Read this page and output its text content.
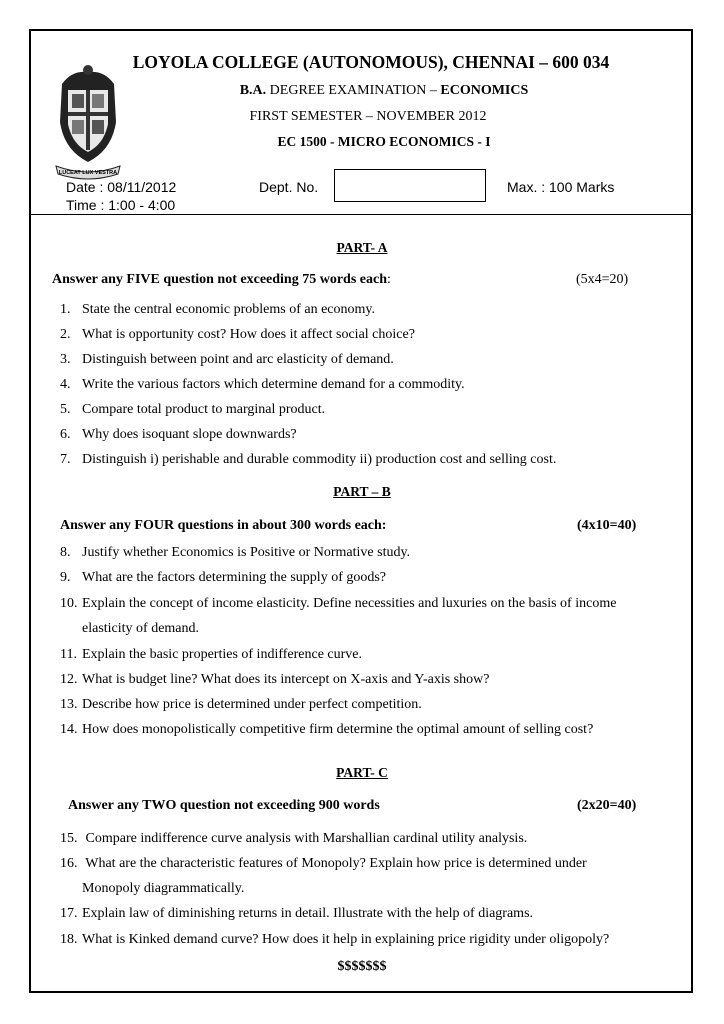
LUCEAT LUX VESTRA
LOYOLA COLLEGE (AUTONOMOUS), CHENNAI – 600 034
B.A. DEGREE EXAMINATION – ECONOMICS
FIRST SEMESTER – NOVEMBER 2012
EC 1500 - MICRO ECONOMICS - I
Date : 08/11/2012
Time : 1:00 - 4:00
Dept. No.	Max. : 100 Marks
PART- A
Answer any FIVE question not exceeding 75 words each:	(5x4=20)
1. State the central economic problems of an economy.
2. What is opportunity cost? How does it affect social choice?
3. Distinguish between point and arc elasticity of demand.
4. Write the various factors which determine demand for a commodity.
5. Compare total product to marginal product.
6. Why does isoquant slope downwards?
7. Distinguish i) perishable and durable commodity ii) production cost and selling cost.
PART – B
Answer any FOUR questions in about 300 words each:	(4x10=40)
8. Justify whether Economics is Positive or Normative study.
9. What are the factors determining the supply of goods?
10. Explain the concept of income elasticity. Define necessities and luxuries on the basis of income
elasticity of demand.
11. Explain the basic properties of indifference curve.
12. What is budget line? What does its intercept on X-axis and Y-axis show?
13. Describe how price is determined under perfect competition.
14. How does monopolistically competitive firm determine the optimal amount of selling cost?
PART- C
Answer any TWO question not exceeding 900 words	(2x20=40)
15. Compare indifference curve analysis with Marshallian cardinal utility analysis.
16. What are the characteristic features of Monopoly? Explain how price is determined under
Monopoly diagrammatically.
17. Explain law of diminishing returns in detail. Illustrate with the help of diagrams.
18. What is Kinked demand curve? How does it help in explaining price rigidity under oligopoly?
$$$$$$$
